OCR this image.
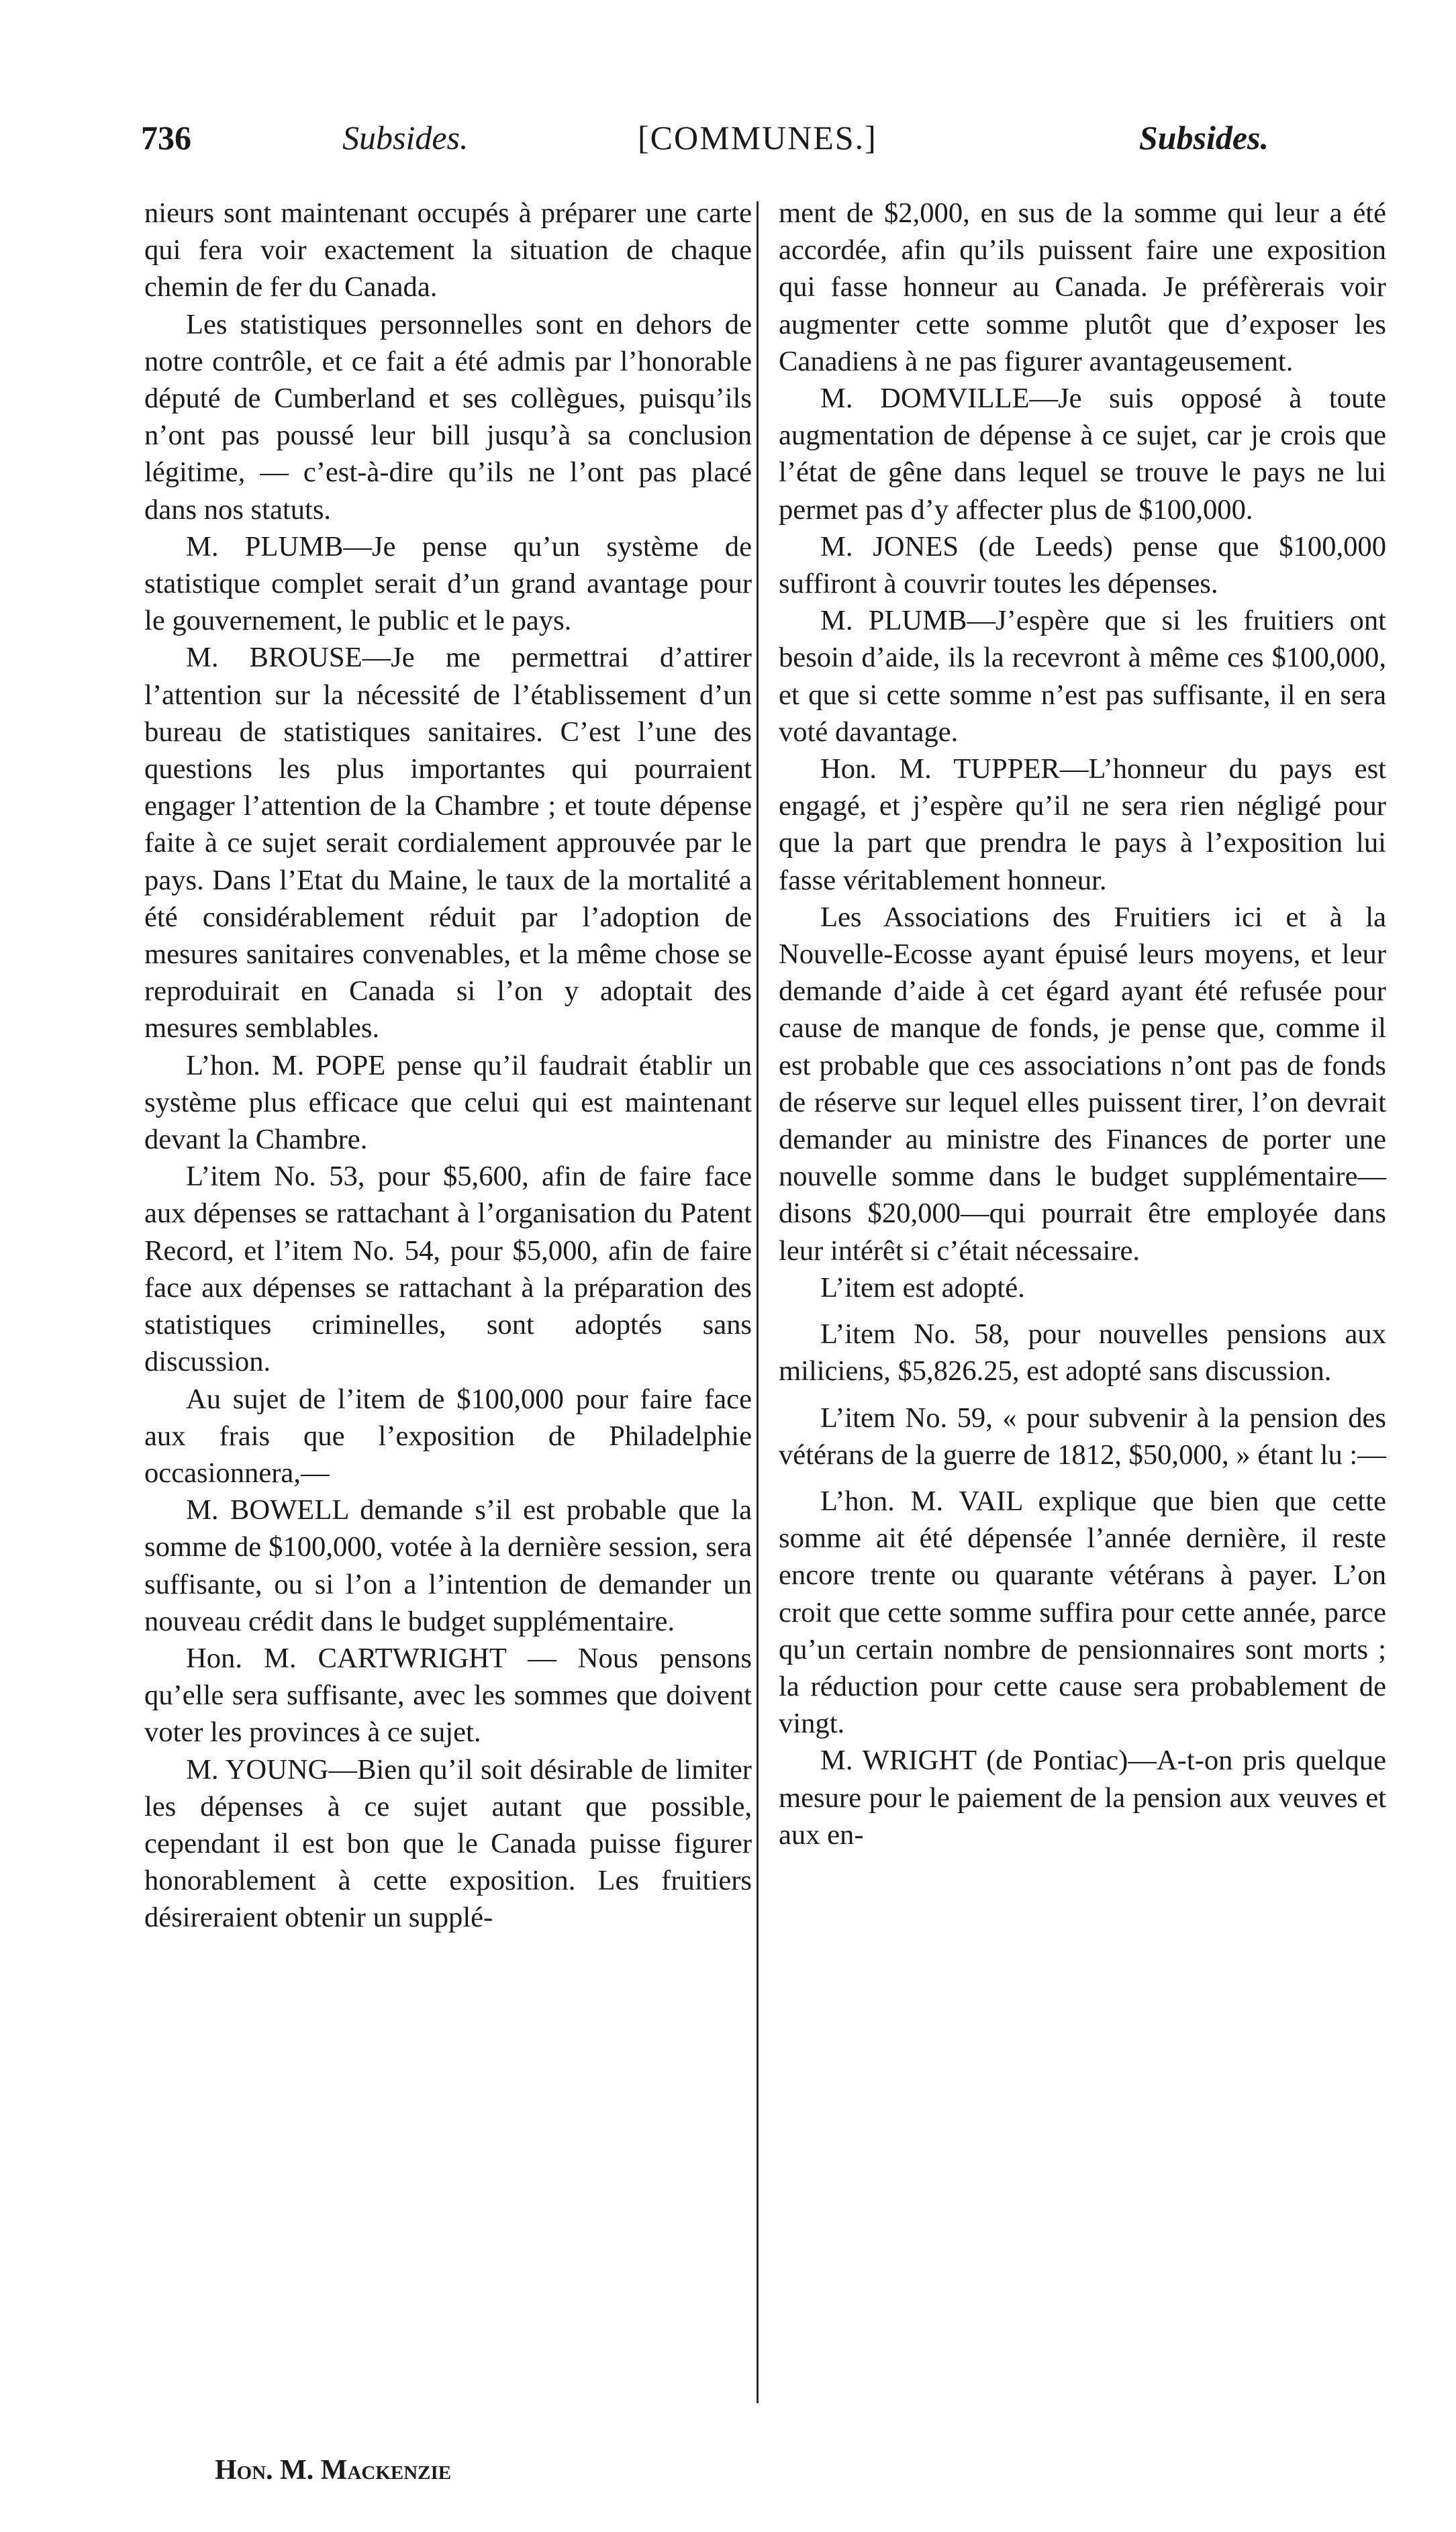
736	Subsides.	[COMMUNES.]	Subsides.

nieurs sont maintenant occupés à préparer une carte qui fera voir exactement la situation de chaque chemin de fer du Canada.

Les statistiques personnelles sont en dehors de notre contrôle, et ce fait a été admis par l’honorable député de Cumberland et ses collègues, puisqu’ils n’ont pas poussé leur bill jusqu’à sa conclusion légitime, — c’est-à-dire qu’ils ne l’ont pas placé dans nos statuts.

M. PLUMB—Je pense qu’un système de statistique complet serait d’un grand avantage pour le gouvernement, le public et le pays.

M. BROUSE—Je me permettrai d’attirer l’attention sur la nécessité de l’établissement d’un bureau de statistiques sanitaires. C’est l’une des questions les plus importantes qui pourraient engager l’attention de la Chambre ; et toute dépense faite à ce sujet serait cordialement approuvée par le pays. Dans l’Etat du Maine, le taux de la mortalité a été considérablement réduit par l’adoption de mesures sanitaires convenables, et la même chose se reproduirait en Canada si l’on y adoptait des mesures semblables.

L’hon. M. POPE pense qu’il faudrait établir un système plus efficace que celui qui est maintenant devant la Chambre.

L’item No. 53, pour $5,600, afin de faire face aux dépenses se rattachant à l’organisation du Patent Record, et l’item No. 54, pour $5,000, afin de faire face aux dépenses se rattachant à la préparation des statistiques criminelles, sont adoptés sans discussion.

Au sujet de l’item de $100,000 pour faire face aux frais que l’exposition de Philadelphie occasionnera,—

M. BOWELL demande s’il est probable que la somme de $100,000, votée à la dernière session, sera suffisante, ou si l’on a l’intention de demander un nouveau crédit dans le budget supplémentaire.

Hon. M. CARTWRIGHT — Nous pensons qu’elle sera suffisante, avec les sommes que doivent voter les provinces à ce sujet.

M. YOUNG—Bien qu’il soit désirable de limiter les dépenses à ce sujet autant que possible, cependant il est bon que le Canada puisse figurer honorablement à cette exposition. Les fruitiers désireraient obtenir un supplé-

ment de $2,000, en sus de la somme qui leur a été accordée, afin qu’ils puissent faire une exposition qui fasse honneur au Canada. Je préfèrerais voir augmenter cette somme plutôt que d’exposer les Canadiens à ne pas figurer avantageusement.

M. DOMVILLE—Je suis opposé à toute augmentation de dépense à ce sujet, car je crois que l’état de gêne dans lequel se trouve le pays ne lui permet pas d’y affecter plus de $100,000.

M. JONES (de Leeds) pense que $100,000 suffiront à couvrir toutes les dépenses.

M. PLUMB—J’espère que si les fruitiers ont besoin d’aide, ils la recevront à même ces $100,000, et que si cette somme n’est pas suffisante, il en sera voté davantage.

Hon. M. TUPPER—L’honneur du pays est engagé, et j’espère qu’il ne sera rien négligé pour que la part que prendra le pays à l’exposition lui fasse véritablement honneur.

Les Associations des Fruitiers ici et à la Nouvelle-Ecosse ayant épuisé leurs moyens, et leur demande d’aide à cet égard ayant été refusée pour cause de manque de fonds, je pense que, comme il est probable que ces associations n’ont pas de fonds de réserve sur lequel elles puissent tirer, l’on devrait demander au ministre des Finances de porter une nouvelle somme dans le budget supplémentaire—disons $20,000—qui pourrait être employée dans leur intérêt si c’était nécessaire.

L’item est adopté.

L’item No. 58, pour nouvelles pensions aux miliciens, $5,826.25, est adopté sans discussion.

L’item No. 59, « pour subvenir à la pension des vétérans de la guerre de 1812, $50,000, » étant lu :—

L’hon. M. VAIL explique que bien que cette somme ait été dépensée l’année dernière, il reste encore trente ou quarante vétérans à payer. L’on croit que cette somme suffira pour cette année, parce qu’un certain nombre de pensionnaires sont morts ; la réduction pour cette cause sera probablement de vingt.

M. WRIGHT (de Pontiac)—A-t-on pris quelque mesure pour le paiement de la pension aux veuves et aux en-

Hon. M. Mackenzie
